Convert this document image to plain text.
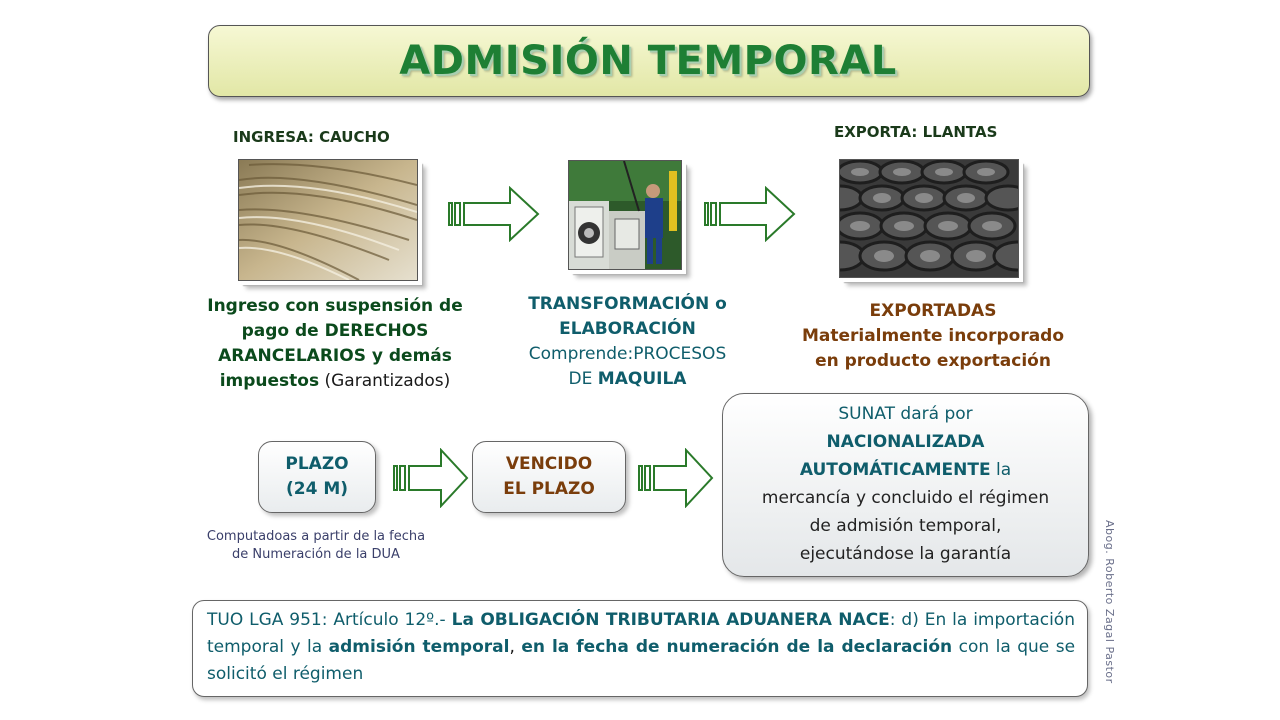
ADMISIÓN TEMPORAL
INGRESA: CAUCHO	EXPORTA: LLANTAS
Ingreso con suspensión de pago de DERECHOS ARANCELARIOS y demás impuestos (Garantizados)
TRANSFORMACIÓN o
ELABORACIÓN
Comprende:PROCESOS
DE MAQUILA
EXPORTADAS
Materialmente incorporado
en producto exportación
PLAZO
(24 M)
VENCIDO
EL PLAZO
Computadoas a partir de la fecha
de Numeración de la DUA
SUNAT dará por
NACIONALIZADA
AUTOMÁTICAMENTE la
mercancía y concluido el régimen
de admisión temporal,
ejecutándose la garantía	Abog. Roberto Zagal Pastor
TUO LGA 951: Artículo 12º.- La OBLIGACIÓN TRIBUTARIA ADUANERA NACE: d) En la importación temporal y la admisión temporal, en la fecha de numeración de la declaración con la que se solicitó el régimen
